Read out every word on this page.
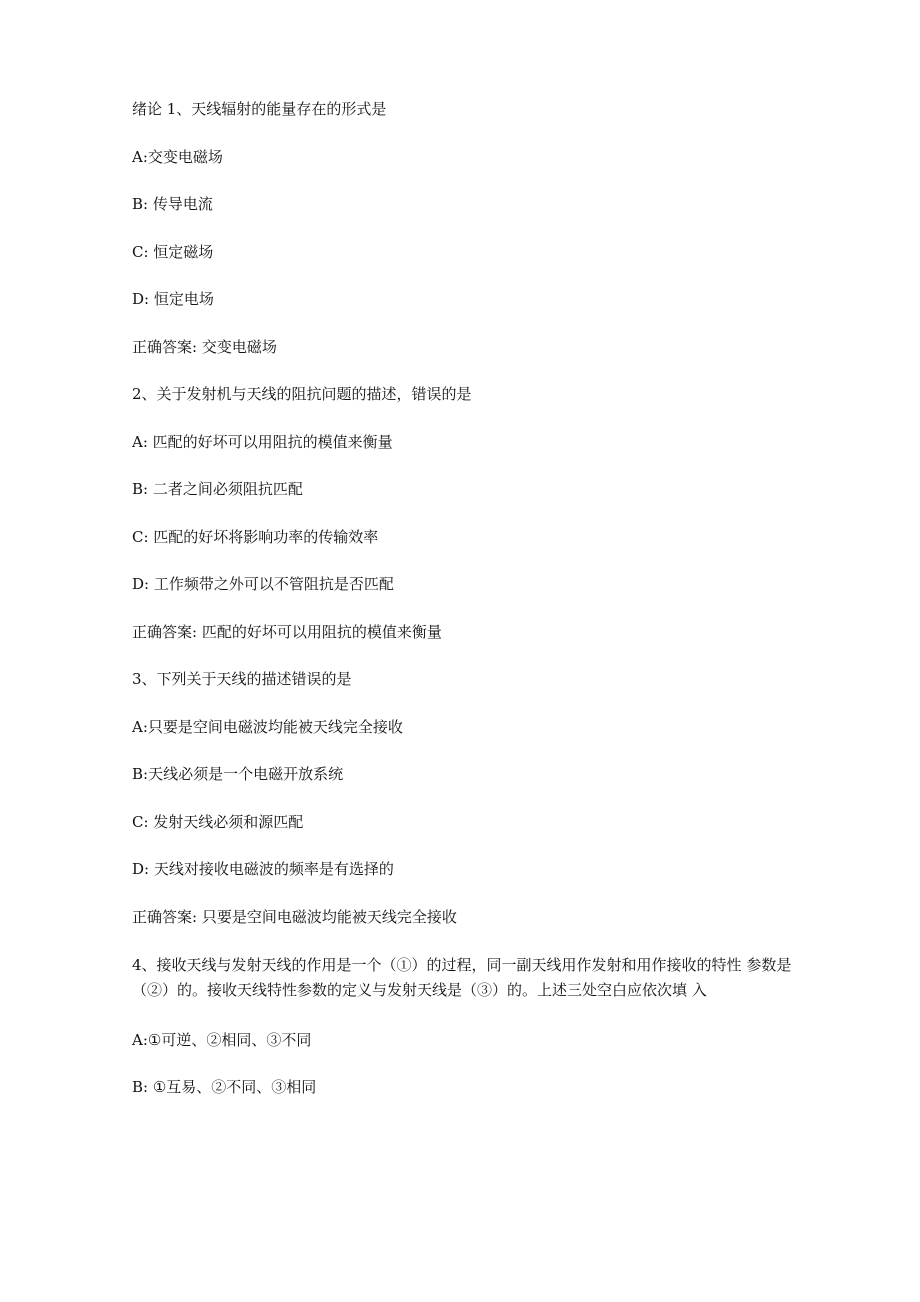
绪论 1、天线辐射的能量存在的形式是
A:交变电磁场
B: 传导电流
C: 恒定磁场
D: 恒定电场
正确答案: 交变电磁场
2、关于发射机与天线的阻抗问题的描述，错误的是
A: 匹配的好坏可以用阻抗的模值来衡量
B: 二者之间必须阻抗匹配
C: 匹配的好坏将影响功率的传输效率
D: 工作频带之外可以不管阻抗是否匹配
正确答案: 匹配的好坏可以用阻抗的模值来衡量
3、下列关于天线的描述错误的是
A:只要是空间电磁波均能被天线完全接收
B:天线必须是一个电磁开放系统
C: 发射天线必须和源匹配
D: 天线对接收电磁波的频率是有选择的
正确答案: 只要是空间电磁波均能被天线完全接收
4、接收天线与发射天线的作用是一个（①）的过程，同一副天线用作发射和用作接收的特性 参数是（②）的。接收天线特性参数的定义与发射天线是（③）的。上述三处空白应依次填 入
A:①可逆、②相同、③不同
B: ①互易、②不同、③相同
